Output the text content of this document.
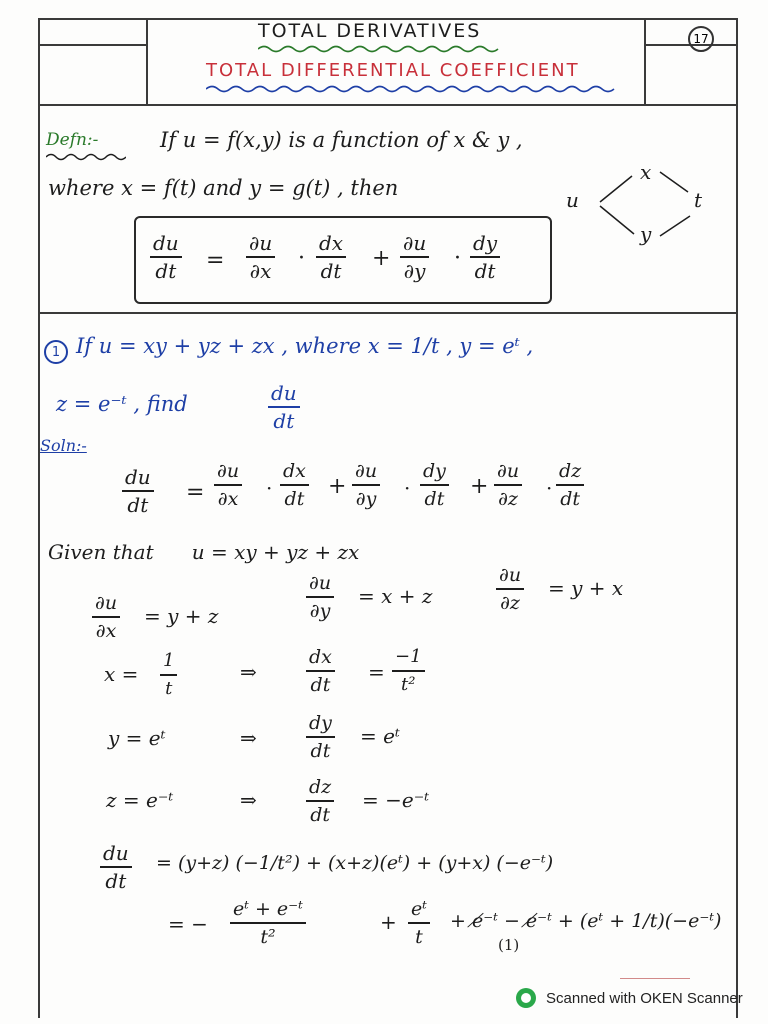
TOTAL DERIVATIVES
TOTAL DIFFERENTIAL COEFFICIENT
17
Defn:-	If u = f(x,y) is a function of x & y ,
where x = f(t) and y = g(t) , then
du
dt =
∂u
∂x ·
dx
dt +
∂u
∂y ·
dy
dt
u
x
y
t
1 If u = xy + yz + zx , where x = 1/t , y = eᵗ ,
z = e⁻ᵗ , find	du
dt
Soln:-
du
dt =
∂u
∂x ·
dx
dt +
∂u
∂y ·
dy
dt +
∂u
∂z ·
dz
dt
Given that      u = xy + yz + zx
∂u
∂x
= y + z
∂u
∂y
= x + z
∂u
∂z
= y + x
x =
1
t
⇒
dx
dt
=
−1
t²
y = eᵗ	⇒
dy
dt
= eᵗ
z = e⁻ᵗ	⇒
dz
dt
= −e⁻ᵗ
du
dt
= (y+z) (−1/t²) + (x+z)(eᵗ) + (y+x) (−e⁻ᵗ)
= −
eᵗ + e⁻ᵗ
t²
+
eᵗ
t
+ e̸⁻ᵗ − e̸⁻ᵗ + (eᵗ + 1/t)(−e⁻ᵗ)
(1)
Scanned with OKEN Scanner
